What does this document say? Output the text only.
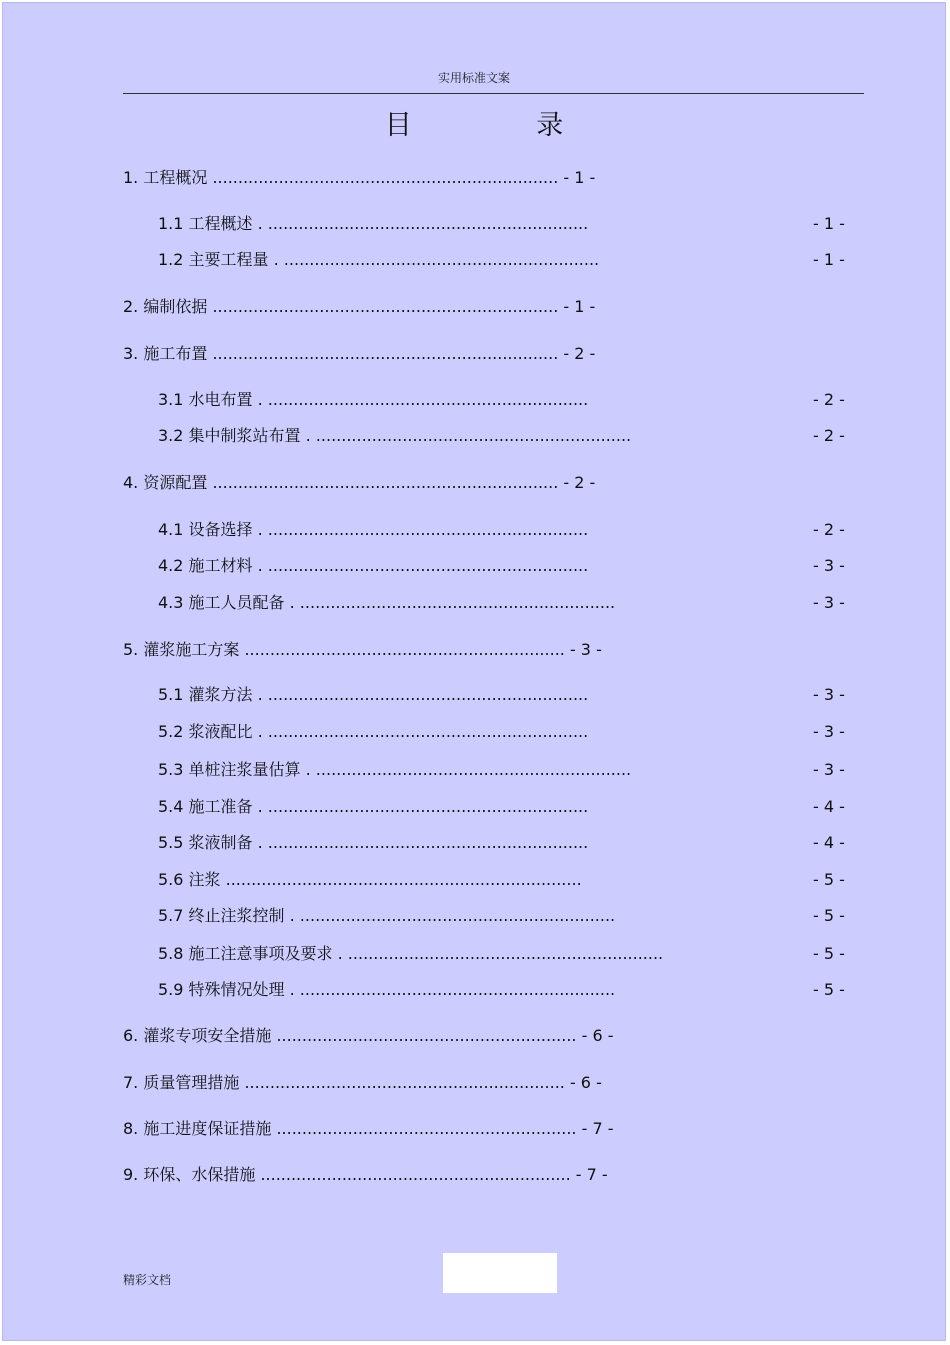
实用标准文案
目 录
1. 工程概况 .................................................................... - 1 -
1.1 工程概述 . ...............................................................	- 1 -
1.2 主要工程量 . ..............................................................	- 1 -
2. 编制依据 .................................................................... - 1 -
3. 施工布置 .................................................................... - 2 -
3.1 水电布置 . ...............................................................	- 2 -
3.2 集中制浆站布置 . ..............................................................	- 2 -
4. 资源配置 .................................................................... - 2 -
4.1 设备选择 . ...............................................................	- 2 -
4.2 施工材料 . ...............................................................	- 3 -
4.3 施工人员配备 . ..............................................................	- 3 -
5. 灌浆施工方案 ............................................................... - 3 -
5.1 灌浆方法 . ...............................................................	- 3 -
5.2 浆液配比 . ...............................................................	- 3 -
5.3 单桩注浆量估算 . ..............................................................	- 3 -
5.4 施工准备 . ...............................................................	- 4 -
5.5 浆液制备 . ...............................................................	- 4 -
5.6 注浆 ......................................................................	- 5 -
5.7 终止注浆控制 . ..............................................................	- 5 -
5.8 施工注意事项及要求 . ..............................................................	- 5 -
5.9 特殊情况处理 . ..............................................................	- 5 -
6. 灌浆专项安全措施 ........................................................... - 6 -
7. 质量管理措施 ............................................................... - 6 -
8. 施工进度保证措施 ........................................................... - 7 -
9. 环保、水保措施 ............................................................. - 7 -
精彩文档
